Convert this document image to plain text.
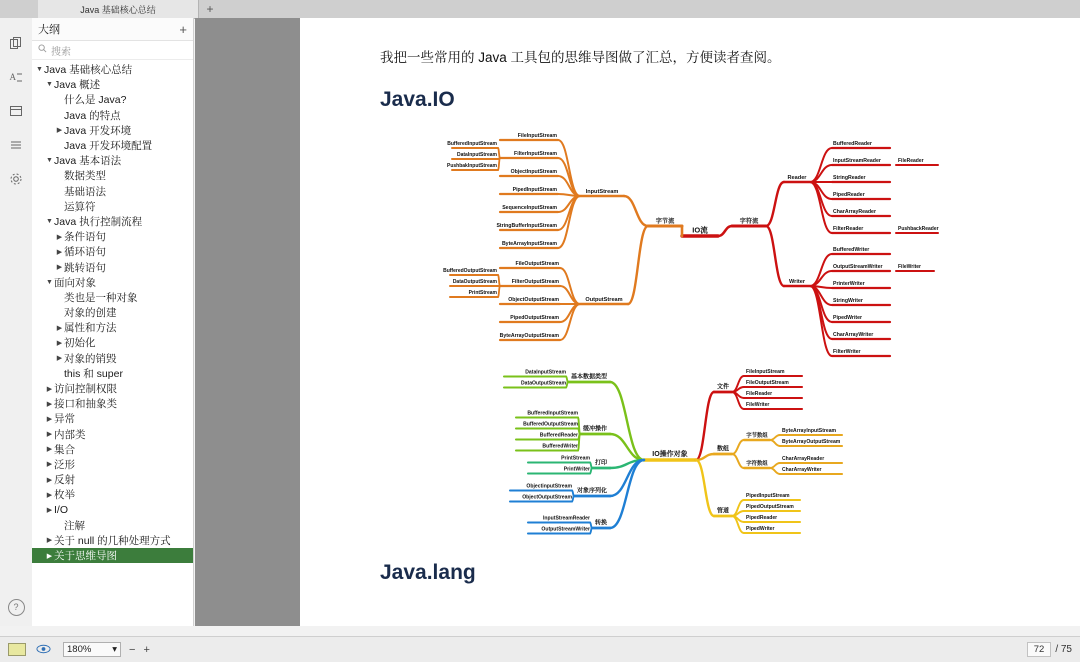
Java 基础核心总结	+
A
?
大纲	+
搜索
▼ Java 基础核心总结
▼ Java 概述
什么是 Java?
Java 的特点
▶ Java 开发环境
Java 开发环境配置
▼ Java 基本语法
数据类型
基础语法
运算符
▼ Java 执行控制流程
▶ 条件语句
▶ 循环语句
▶ 跳转语句
▼ 面向对象
类也是一种对象
对象的创建
▶ 属性和方法
▶ 初始化
▶ 对象的销毁
this 和 super
▶ 访问控制权限
▶ 接口和抽象类
▶ 异常
▶ 内部类
▶ 集合
▶ 泛形
▶ 反射
▶ 枚举
▶ I/O
注解
▶ 关于 null 的几种处理方式
▶ 关于思维导图
我把一些常用的 Java 工具包的思维导图做了汇总，方便读者查阅。
Java.IO
Java.lang
IO流
字节流
InputStream
OutputStream
FileInputStream
FilterInputStream
ObjectInputStream
PipedInputStream
SequenceInputStream
StringBufferInputStream
ByteArrayInputStream
BufferedInputStream
DataInputStream
PushbakInputStream
FileOutputStream
FilterOutputStream
ObjectOutputStream
PipedOutputStream
ByteArrayOutputStream
BufferedOutputStream
DataOutputStream
PrintStream
字符流
Reader
Writer
BufferedReader
InputStreamReader
StringReader
PipedReader
CharArrayReader
FilterReader
FileReader
PushbackReader
BufferedWriter
OutputStreamWriter
PrinterWriter
StringWriter
PipedWriter
CharArrayWriter
FilterWriter
FileWriter
IO操作对象
基本数据类型
DataInputStream
DataOutputStream
缓冲操作
BufferedInputStream
BufferedOutputStream
BufferedReader
BufferedWriter
打印
PrintStream
PrintWriter
对象序列化
ObjectinputStream
ObjectOutputStream
转换
InputStreamReader
OutputStreamWriter
文件
FileInputStream
FileOutputStream
FileReader
FileWriter
数组
字节数组
ByteArrayInputStream
ByteArrayOutputStream
字符数组
CharArrayReader
CharArrayWriter
管道
PipedInputStream
PipedOutputStream
PipedReader
PipedWriter
180% ▾ − +	72	/ 75
